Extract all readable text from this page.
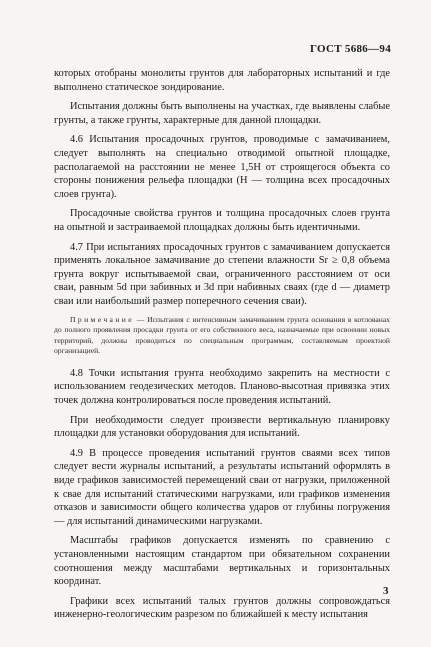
ГОСТ 5686—94

которых отобраны монолиты грунтов для лабораторных испытаний и где выполнено статическое зондирование.

Испытания должны быть выполнены на участках, где выявлены слабые грунты, а также грунты, характерные для данной площадки.

4.6 Испытания просадочных грунтов, проводимые с замачиванием, следует выполнять на специально отводимой опытной площадке, располагаемой на расстоянии не менее 1,5H от строящегося объекта со стороны понижения рельефа площадки (H — толщина всех просадочных слоев грунта).

Просадочные свойства грунтов и толщина просадочных слоев грунта на опытной и застраиваемой площадках должны быть идентичными.

4.7 При испытаниях просадочных грунтов с замачиванием допускается применять локальное замачивание до степени влажности Sr ≥ 0,8 объема грунта вокруг испытываемой сваи, ограниченного расстоянием от оси сваи, равным 5d при забивных и 3d при набивных сваях (где d — диаметр сваи или наибольший размер поперечного сечения сваи).

Примечание — Испытания с интенсивным замачиванием грунта основания в котлованах до полного проявления просадки грунта от его собственного веса, назначаемые при освоении новых территорий, должны проводиться по специальным программам, составляемым проектной организацией.

4.8 Точки испытания грунта необходимо закрепить на местности с использованием геодезических методов. Планово-высотная привязка этих точек должна контролироваться после проведения испытаний.

При необходимости следует произвести вертикальную планировку площадки для установки оборудования для испытаний.

4.9 В процессе проведения испытаний грунтов сваями всех типов следует вести журналы испытаний, а результаты испытаний оформлять в виде графиков зависимостей перемещений сваи от нагрузки, приложенной к свае для испытаний статическими нагрузками, или графиков изменения отказов и зависимости общего количества ударов от глубины погружения — для испытаний динамическими нагрузками.

Масштабы графиков допускается изменять по сравнению с установленными настоящим стандартом при обязательном сохранении соотношения между масштабами вертикальных и горизонтальных координат.

Графики всех испытаний талых грунтов должны сопровождаться инженерно-геологическим разрезом по ближайшей к месту испытания

3
